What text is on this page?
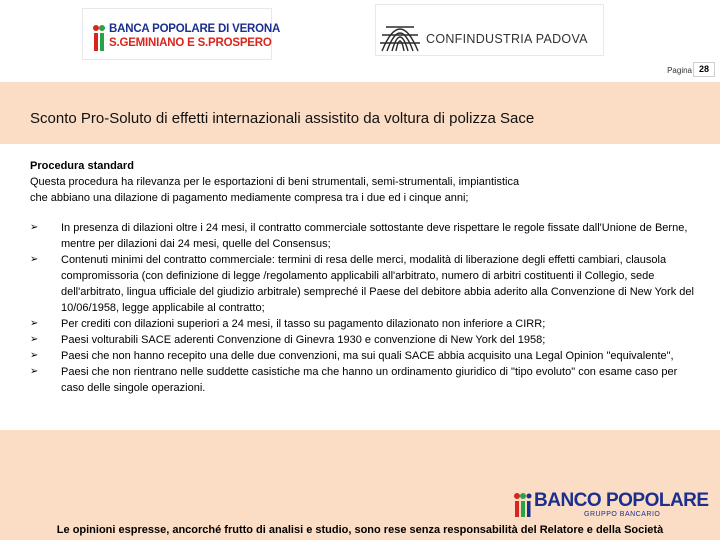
BANCA POPOLARE DI VERONA
S.GEMINIANO E S.PROSPERO	CONFINDUSTRIA PADOVA
Pagina 28
Sconto Pro-Soluto di effetti internazionali assistito da voltura di polizza Sace
Procedura standard
Questa procedura ha rilevanza per le esportazioni di beni strumentali, semi-strumentali, impiantistica
che abbiano una dilazione di pagamento mediamente compresa tra i due ed i cinque anni;
➢ In presenza di dilazioni oltre i 24 mesi, il contratto commerciale sottostante deve rispettare le regole fissate dall'Unione de Berne, mentre per dilazioni dai 24 mesi, quelle del Consensus;
➢ Contenuti minimi del contratto commerciale: termini di resa delle merci, modalità di liberazione degli effetti cambiari, clausola compromissoria (con definizione di legge /regolamento applicabili all'arbitrato, numero di arbitri costituenti il Collegio, sede dell'arbitrato, lingua ufficiale del giudizio arbitrale) sempreché il Paese del debitore abbia aderito alla Convenzione di New York del 10/06/1958, legge applicabile al contratto;
➢ Per crediti con dilazioni superiori a 24 mesi, il tasso su pagamento dilazionato non inferiore a CIRR;
➢ Paesi volturabili SACE aderenti Convenzione di Ginevra 1930 e convenzione di New York del 1958;
➢ Paesi che non hanno recepito una delle due convenzioni, ma sui quali SACE abbia acquisito una Legal Opinion "equivalente",
➢ Paesi che non rientrano nelle suddette casistiche ma che hanno un ordinamento giuridico di "tipo evoluto" con esame caso per caso delle singole operazioni.
BANCO POPOLARE
GRUPPO BANCARIO
Le opinioni espresse, ancorché frutto di analisi e studio, sono rese senza responsabilità del Relatore e della Società
